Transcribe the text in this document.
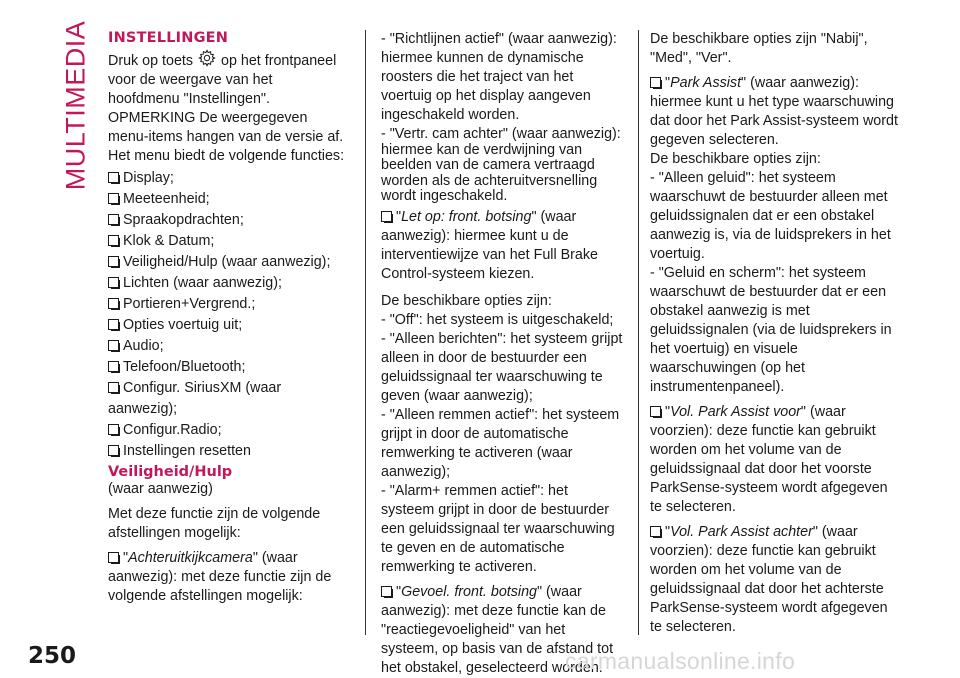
MULTIMEDIA INSTELLINGEN

Druk op toets op het frontpaneel voor de weergave van het hoofdmenu "Instellingen".

OPMERKING De weergegeven menu-items hangen van de versie af.

Het menu biedt de volgende functies:

Display;
Meeteenheid;
Spraakopdrachten;
Klok & Datum;
Veiligheid/Hulp (waar aanwezig);
Lichten (waar aanwezig);
Portieren+Vergrend.;
Opties voertuig uit;
Audio;
Telefoon/Bluetooth;
Configur. SiriusXM (waar aanwezig);
Configur.Radio;
Instellingen resetten
Veiligheid/Hulp

(waar aanwezig)

Met deze functie zijn de volgende afstellingen mogelijk:

"Achteruitkijkcamera" (waar aanwezig): met deze functie zijn de volgende afstellingen mogelijk:

- "Richtlijnen actief" (waar aanwezig): hiermee kunnen de dynamische roosters die het traject van het voertuig op het display aangeven ingeschakeld worden.

- "Vertr. cam achter" (waar aanwezig): hiermee kan de verdwijning van beelden van de camera vertraagd worden als de achteruitversnelling wordt ingeschakeld.

"Let op: front. botsing" (waar aanwezig): hiermee kunt u de interventiewijze van het Full Brake Control-systeem kiezen.

De beschikbare opties zijn:

- "Off": het systeem is uitgeschakeld;

- "Alleen berichten": het systeem grijpt alleen in door de bestuurder een geluidssignaal ter waarschuwing te geven (waar aanwezig);

- "Alleen remmen actief": het systeem grijpt in door de automatische remwerking te activeren (waar aanwezig);

- "Alarm+ remmen actief": het systeem grijpt in door de bestuurder een geluidssignaal ter waarschuwing te geven en de automatische remwerking te activeren.

"Gevoel. front. botsing" (waar aanwezig): met deze functie kan de "reactiegevoeligheid" van het systeem, op basis van de afstand tot het obstakel, geselecteerd worden.

De beschikbare opties zijn "Nabij", "Med", "Ver".

"Park Assist" (waar aanwezig): hiermee kunt u het type waarschuwing dat door het Park Assist-systeem wordt gegeven selecteren.

De beschikbare opties zijn:

- "Alleen geluid": het systeem waarschuwt de bestuurder alleen met geluidssignalen dat er een obstakel aanwezig is, via de luidsprekers in het voertuig.

- "Geluid en scherm": het systeem waarschuwt de bestuurder dat er een obstakel aanwezig is met geluidssignalen (via de luidsprekers in het voertuig) en visuele waarschuwingen (op het instrumentenpaneel).

"Vol. Park Assist voor" (waar voorzien): deze functie kan gebruikt worden om het volume van de geluidssignaal dat door het voorste ParkSense-systeem wordt afgegeven te selecteren.

"Vol. Park Assist achter" (waar voorzien): deze functie kan gebruikt worden om het volume van de geluidssignaal dat door het achterste ParkSense-systeem wordt afgegeven te selecteren.

250	carmanualsonline.info
